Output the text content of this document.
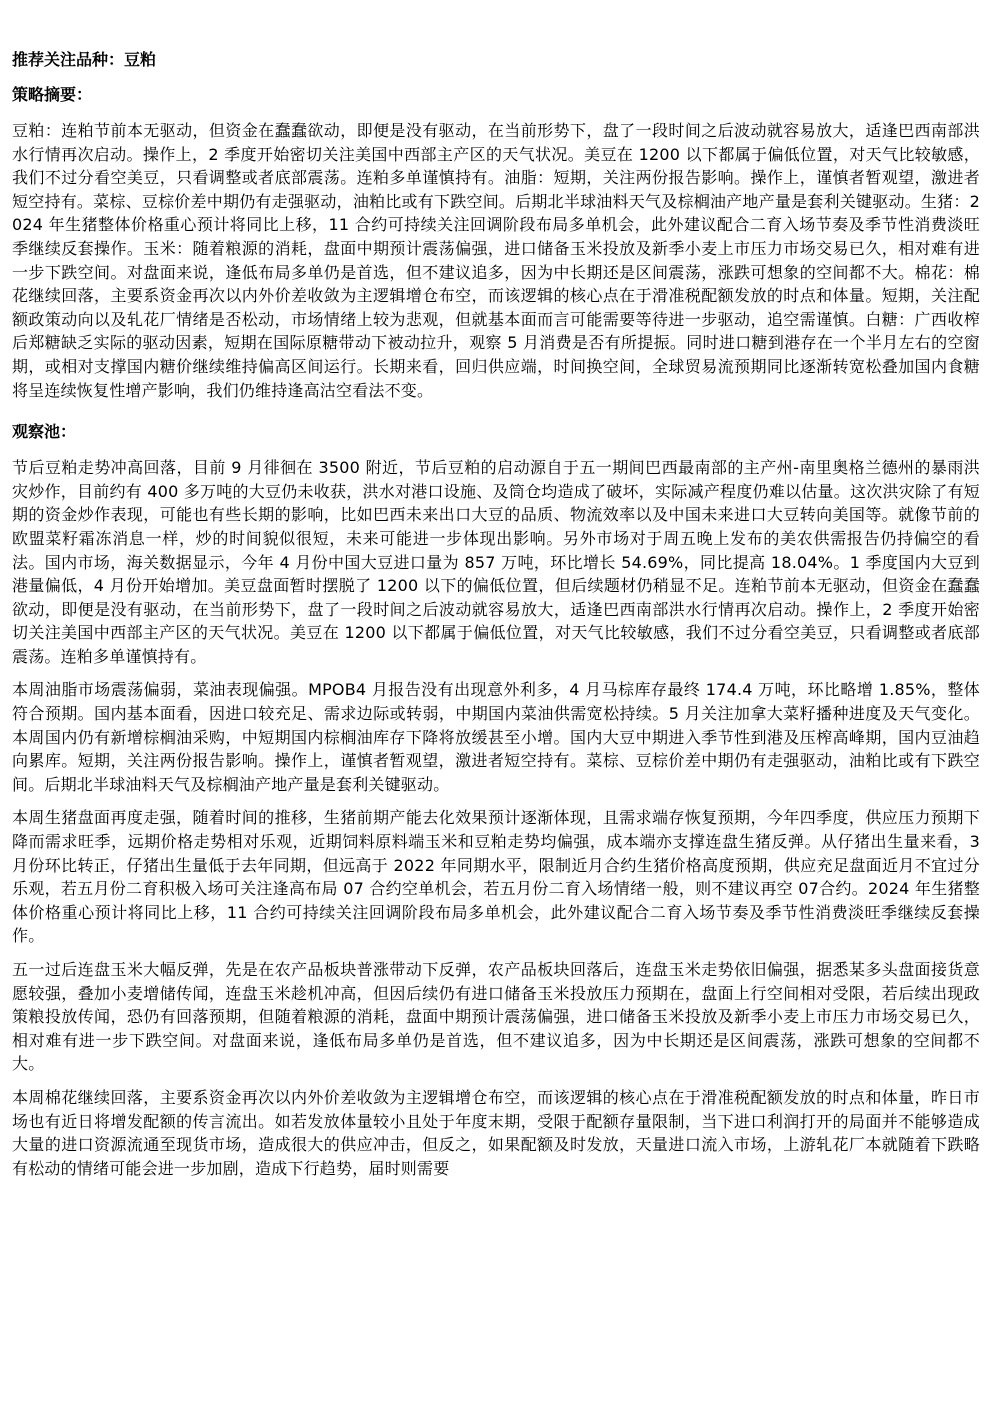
推荐关注品种：豆粕

策略摘要：

豆粕：连粕节前本无驱动，但资金在蠢蠢欲动，即便是没有驱动，在当前形势下，盘了一段时间之后波动就容易放大，适逢巴西南部洪水行情再次启动。操作上，2 季度开始密切关注美国中西部主产区的天气状况。美豆在 1200 以下都属于偏低位置，对天气比较敏感，我们不过分看空美豆，只看调整或者底部震荡。连粕多单谨慎持有。油脂：短期，关注两份报告影响。操作上，谨慎者暂观望，激进者短空持有。菜棕、豆棕价差中期仍有走强驱动，油粕比或有下跌空间。后期北半球油料天气及棕榈油产地产量是套利关键驱动。生猪：2024 年生猪整体价格重心预计将同比上移，11 合约可持续关注回调阶段布局多单机会，此外建议配合二育入场节奏及季节性消费淡旺季继续反套操作。玉米：随着粮源的消耗，盘面中期预计震荡偏强，进口储备玉米投放及新季小麦上市压力市场交易已久，相对难有进一步下跌空间。对盘面来说，逢低布局多单仍是首选，但不建议追多，因为中长期还是区间震荡，涨跌可想象的空间都不大。棉花：棉花继续回落，主要系资金再次以内外价差收敛为主逻辑增仓布空，而该逻辑的核心点在于滑准税配额发放的时点和体量。短期，关注配额政策动向以及轧花厂情绪是否松动，市场情绪上较为悲观，但就基本面而言可能需要等待进一步驱动，追空需谨慎。白糖：广西收榨后郑糖缺乏实际的驱动因素，短期在国际原糖带动下被动拉升，观察 5 月消费是否有所提振。同时进口糖到港存在一个半月左右的空窗期，或相对支撑国内糖价继续维持偏高区间运行。长期来看，回归供应端，时间换空间，全球贸易流预期同比逐渐转宽松叠加国内食糖将呈连续恢复性增产影响，我们仍维持逢高沽空看法不变。

观察池：

节后豆粕走势冲高回落，目前 9 月徘徊在 3500 附近，节后豆粕的启动源自于五一期间巴西最南部的主产州-南里奥格兰德州的暴雨洪灾炒作，目前约有 400 多万吨的大豆仍未收获，洪水对港口设施、及筒仓均造成了破坏，实际减产程度仍难以估量。这次洪灾除了有短期的资金炒作表现，可能也有些长期的影响，比如巴西未来出口大豆的品质、物流效率以及中国未来进口大豆转向美国等。就像节前的欧盟菜籽霜冻消息一样，炒的时间貌似很短，未来可能进一步体现出影响。另外市场对于周五晚上发布的美农供需报告仍持偏空的看法。国内市场，海关数据显示，今年 4 月份中国大豆进口量为 857 万吨，环比增长 54.69%，同比提高 18.04%。1 季度国内大豆到港量偏低，4 月份开始增加。美豆盘面暂时摆脱了 1200 以下的偏低位置，但后续题材仍稍显不足。连粕节前本无驱动，但资金在蠢蠢欲动，即便是没有驱动，在当前形势下，盘了一段时间之后波动就容易放大，适逢巴西南部洪水行情再次启动。操作上，2 季度开始密切关注美国中西部主产区的天气状况。美豆在 1200 以下都属于偏低位置，对天气比较敏感，我们不过分看空美豆，只看调整或者底部震荡。连粕多单谨慎持有。

本周油脂市场震荡偏弱，菜油表现偏强。MPOB4 月报告没有出现意外利多，4 月马棕库存最终 174.4 万吨，环比略增 1.85%，整体符合预期。国内基本面看，因进口较充足、需求边际或转弱，中期国内菜油供需宽松持续。5 月关注加拿大菜籽播种进度及天气变化。本周国内仍有新增棕榈油采购，中短期国内棕榈油库存下降将放缓甚至小增。国内大豆中期进入季节性到港及压榨高峰期，国内豆油趋向累库。短期，关注两份报告影响。操作上，谨慎者暂观望，激进者短空持有。菜棕、豆棕价差中期仍有走强驱动，油粕比或有下跌空间。后期北半球油料天气及棕榈油产地产量是套利关键驱动。

本周生猪盘面再度走强，随着时间的推移，生猪前期产能去化效果预计逐渐体现，且需求端存恢复预期，今年四季度，供应压力预期下降而需求旺季，远期价格走势相对乐观，近期饲料原料端玉米和豆粕走势均偏强，成本端亦支撑连盘生猪反弹。从仔猪出生量来看，3 月份环比转正，仔猪出生量低于去年同期，但远高于 2022 年同期水平，限制近月合约生猪价格高度预期，供应充足盘面近月不宜过分乐观，若五月份二育积极入场可关注逢高布局 07 合约空单机会，若五月份二育入场情绪一般，则不建议再空 07合约。2024 年生猪整体价格重心预计将同比上移，11 合约可持续关注回调阶段布局多单机会，此外建议配合二育入场节奏及季节性消费淡旺季继续反套操作。

五一过后连盘玉米大幅反弹，先是在农产品板块普涨带动下反弹，农产品板块回落后，连盘玉米走势依旧偏强，据悉某多头盘面接货意愿较强，叠加小麦增储传闻，连盘玉米趁机冲高，但因后续仍有进口储备玉米投放压力预期在，盘面上行空间相对受限，若后续出现政策粮投放传闻，恐仍有回落预期，但随着粮源的消耗，盘面中期预计震荡偏强，进口储备玉米投放及新季小麦上市压力市场交易已久，相对难有进一步下跌空间。对盘面来说，逢低布局多单仍是首选，但不建议追多，因为中长期还是区间震荡，涨跌可想象的空间都不大。

本周棉花继续回落，主要系资金再次以内外价差收敛为主逻辑增仓布空，而该逻辑的核心点在于滑准税配额发放的时点和体量，昨日市场也有近日将增发配额的传言流出。如若发放体量较小且处于年度末期，受限于配额存量限制，当下进口利润打开的局面并不能够造成大量的进口资源流通至现货市场，造成很大的供应冲击，但反之，如果配额及时发放，天量进口流入市场，上游轧花厂本就随着下跌略有松动的情绪可能会进一步加剧，造成下行趋势，届时则需要
